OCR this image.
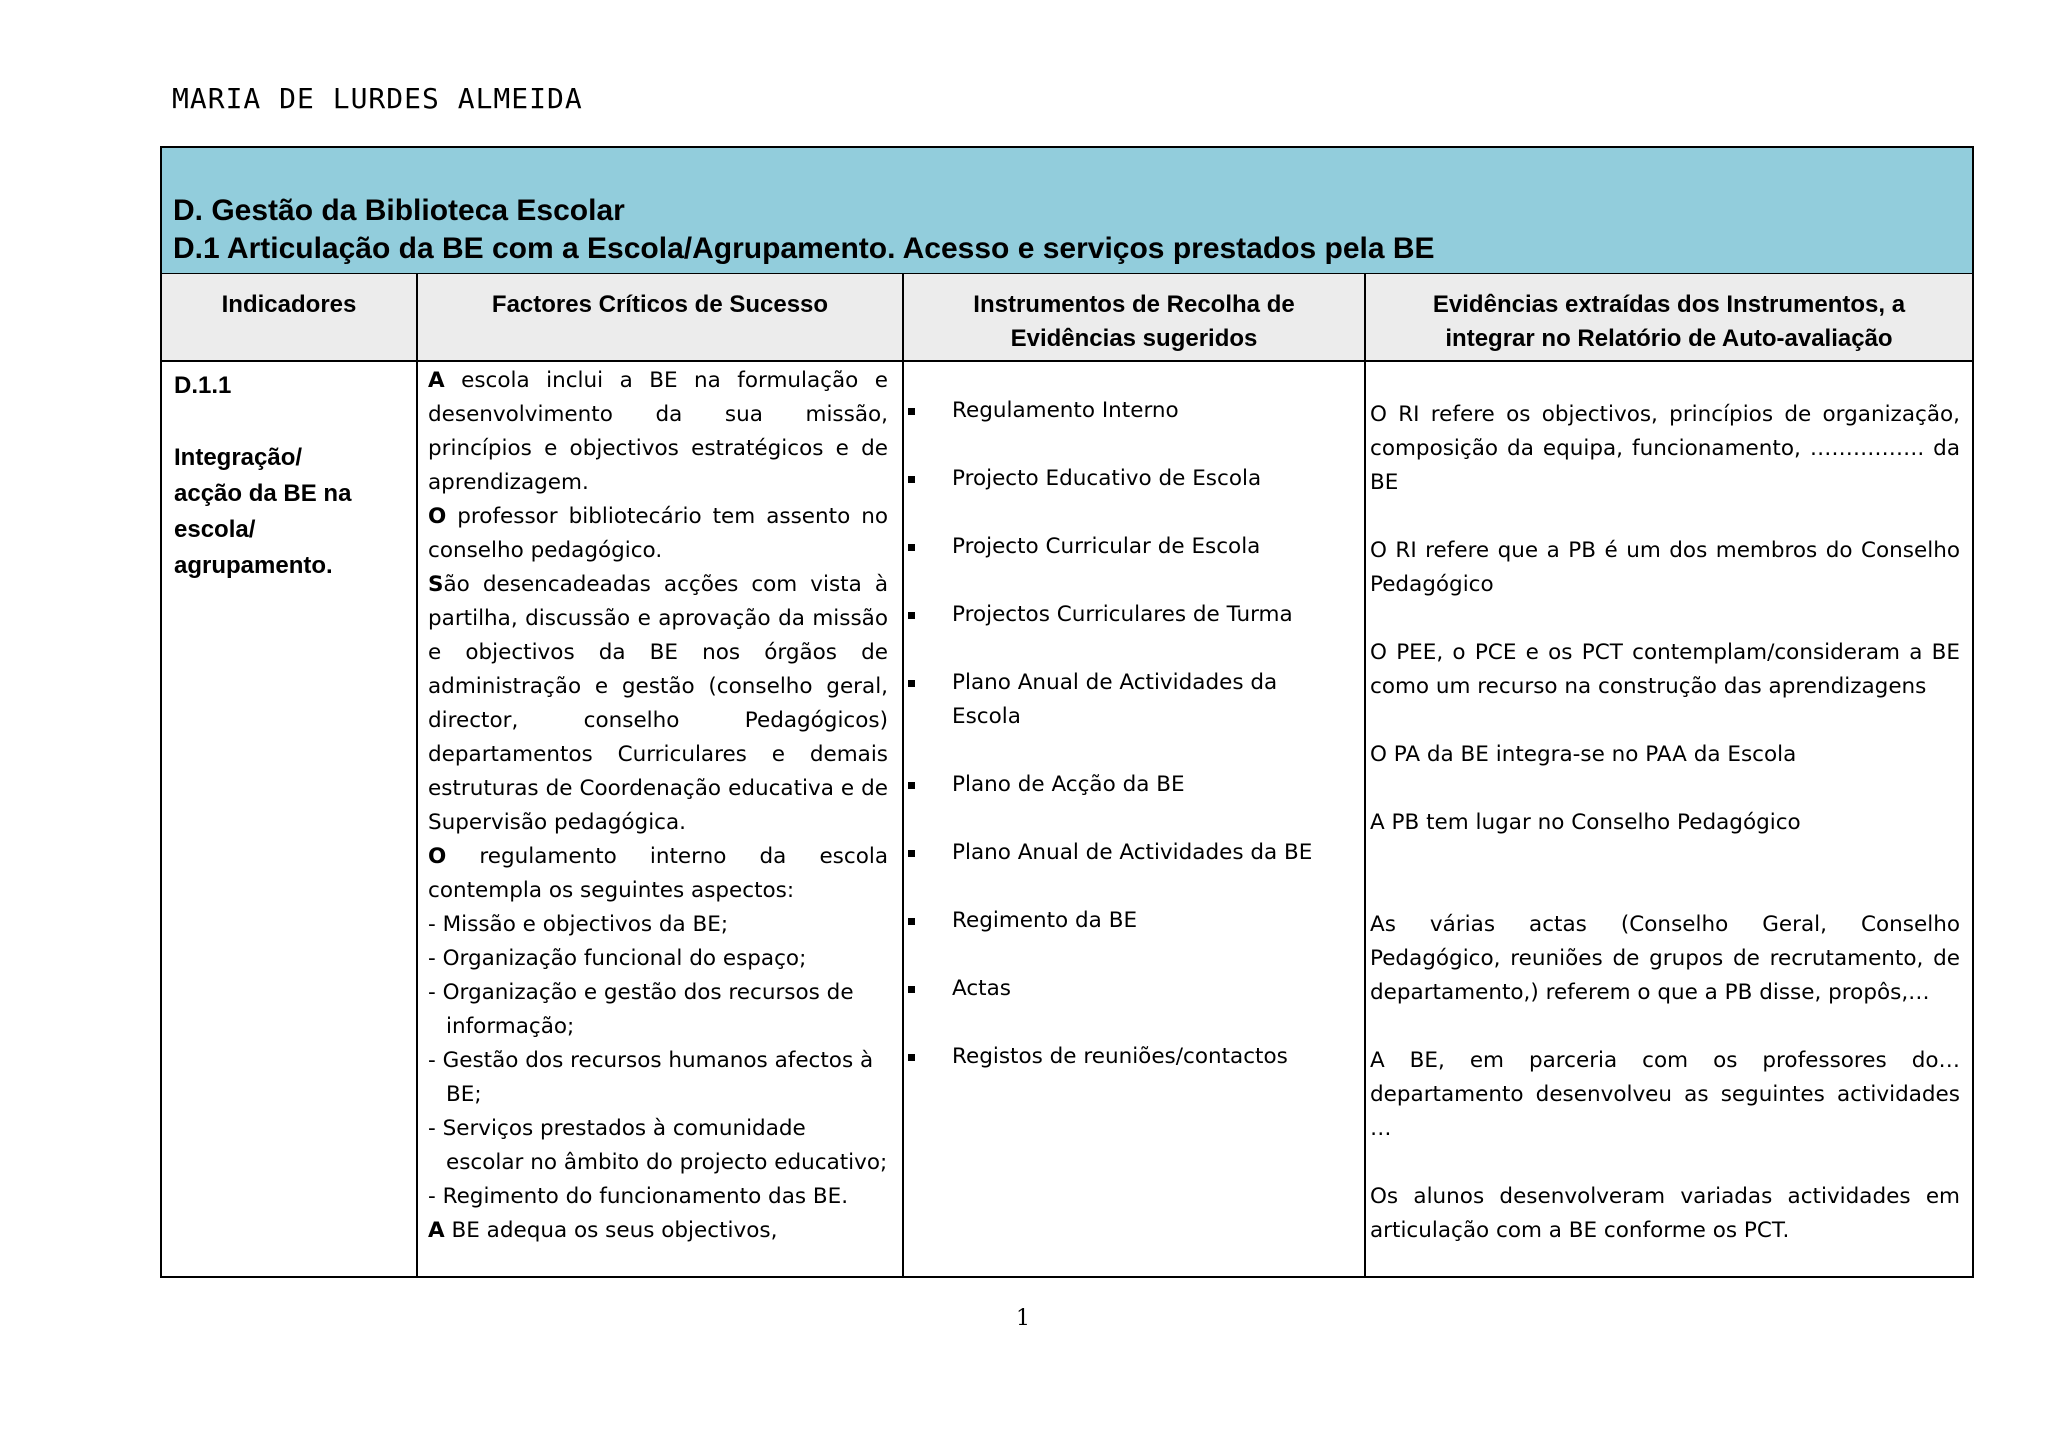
MARIA DE LURDES ALMEIDA
D. Gestão da Biblioteca Escolar
D.1 Articulação da BE com a Escola/Agrupamento. Acesso e serviços prestados pela BE
Indicadores	Factores Críticos de Sucesso	Instrumentos de Recolha de
Evidências sugeridos
Evidências extraídas dos Instrumentos, a
integrar no Relatório de Auto-avaliação
D.1.1
Integração/
acção da BE na
escola/
agrupamento.

A escola inclui a BE na formulação e desenvolvimento da sua missão, princípios e objectivos estratégicos e de aprendizagem.

O professor bibliotecário tem assento no conselho pedagógico.

São desencadeadas acções com vista à partilha, discussão e aprovação da missão e objectivos da BE nos órgãos de administração e gestão (conselho geral, director, conselho Pedagógicos) departamentos Curriculares e demais estruturas de Coordenação educativa e de Supervisão pedagógica.

O regulamento interno da escola contempla os seguintes aspectos:

- Missão e objectivos da BE;

- Organização funcional do espaço;

- Organização e gestão dos recursos de informação;

- Gestão dos recursos humanos afectos à BE;

- Serviços prestados à comunidade escolar no âmbito do projecto educativo;

- Regimento do funcionamento das BE.

A BE adequa os seus objectivos,

Regulamento Interno
Projecto Educativo de Escola
Projecto Curricular de Escola
Projectos Curriculares de Turma
Plano Anual de Actividades da Escola
Plano de Acção da BE
Plano Anual de Actividades da BE
Regimento da BE
Actas
Registos de reuniões/contactos

O RI refere os objectivos, princípios de organização, composição da equipa, funcionamento, ……………. da BE

O RI refere que a PB é um dos membros do Conselho Pedagógico

O PEE, o PCE e os PCT contemplam/consideram a BE como um recurso na construção das aprendizagens

O PA da BE integra-se no PAA da Escola

A PB tem lugar no Conselho Pedagógico

As várias actas (Conselho Geral, Conselho Pedagógico, reuniões de grupos de recrutamento, de departamento,) referem o que a PB disse, propôs,…

A BE, em parceria com os professores do… departamento desenvolveu as seguintes actividades …

Os alunos desenvolveram variadas actividades em articulação com a BE conforme os PCT.

1
